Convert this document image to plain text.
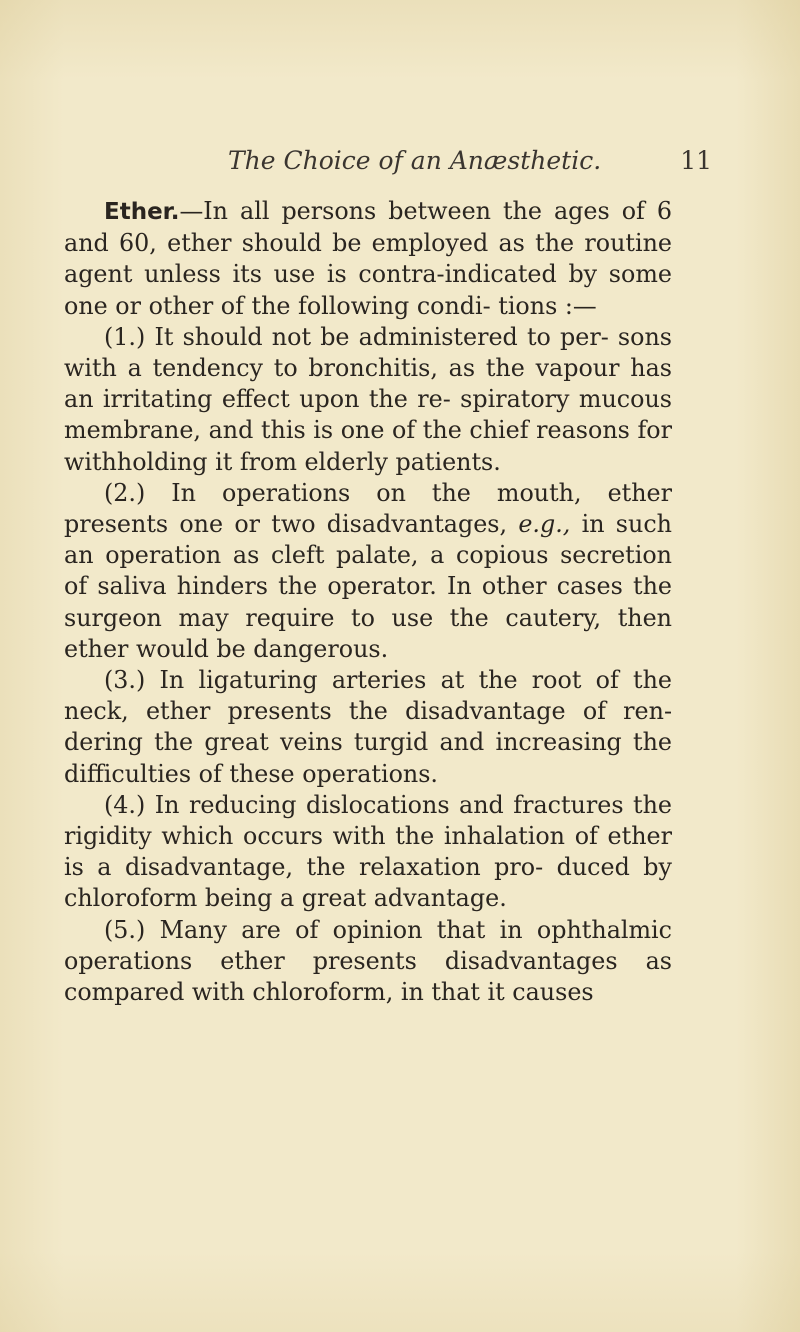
The Choice of an Anæsthetic.	11

Ether.—In all persons between the ages of 6 and 60, ether should be employed as the routine agent unless its use is contra-indicated by some one or other of the following condi- tions :—

(1.) It should not be administered to per- sons with a tendency to bronchitis, as the vapour has an irritating effect upon the re- spiratory mucous membrane, and this is one of the chief reasons for withholding it from elderly patients.

(2.) In operations on the mouth, ether presents one or two disadvantages, e.g., in such an operation as cleft palate, a copious secretion of saliva hinders the operator. In other cases the surgeon may require to use the cautery, then ether would be dangerous.

(3.) In ligaturing arteries at the root of the neck, ether presents the disadvantage of ren- dering the great veins turgid and increasing the difficulties of these operations.

(4.) In reducing dislocations and fractures the rigidity which occurs with the inhalation of ether is a disadvantage, the relaxation pro- duced by chloroform being a great advantage.

(5.) Many are of opinion that in ophthalmic operations ether presents disadvantages as compared with chloroform, in that it causes
